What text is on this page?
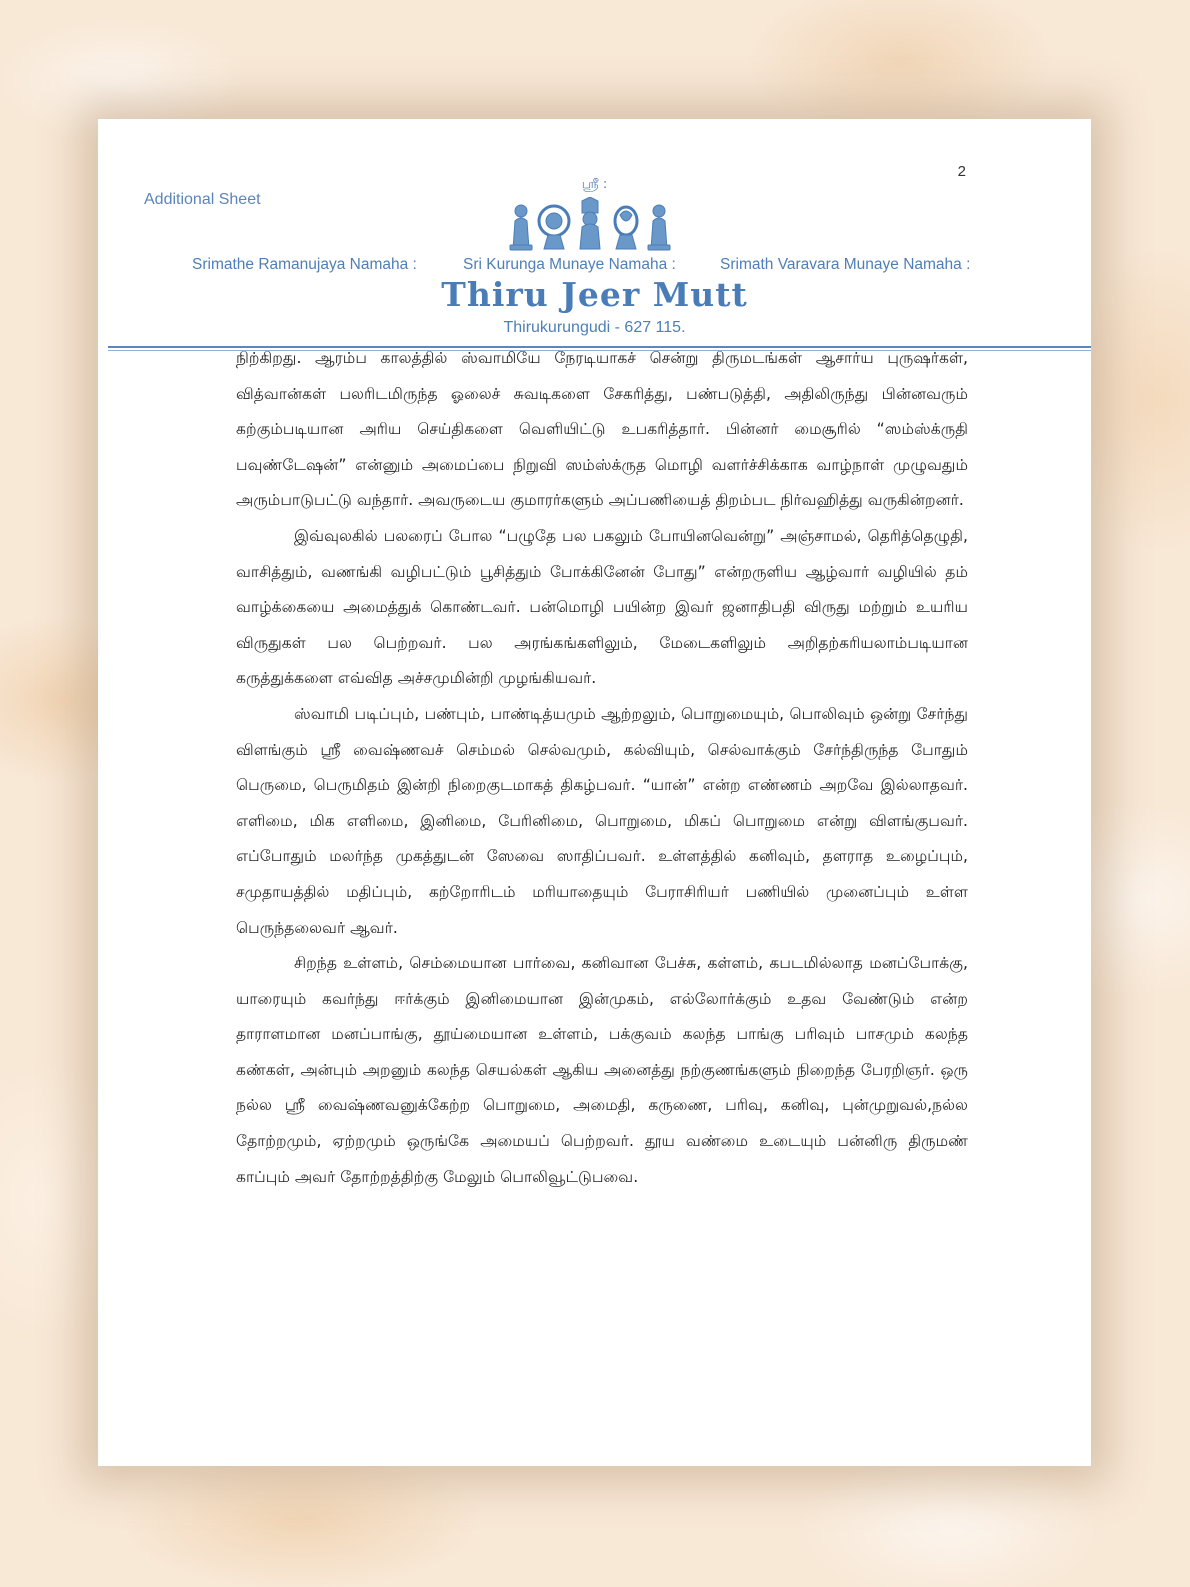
2
Additional Sheet
ஸ்ரீ :
Srimathe Ramanujaya Namaha :	Sri Kurunga Munaye Namaha :	Srimath Varavara Munaye Namaha :
Thiru Jeer Mutt
Thirukurungudi - 627 115.

நிற்கிறது. ஆரம்ப காலத்தில் ஸ்வாமியே நேரடியாகச் சென்று திருமடங்கள் ஆசார்ய புருஷர்கள், வித்வான்கள் பலரிடமிருந்த ஓலைச் சுவடிகளை சேகரித்து, பண்படுத்தி, அதிலிருந்து பின்னவரும் கற்கும்படியான அரிய செய்திகளை வெளியிட்டு உபகரித்தார். பின்னர் மைசூரில் “ஸம்ஸ்க்ருதி பவுண்டேஷன்” என்னும் அமைப்பை நிறுவி ஸம்ஸ்க்ருத மொழி வளர்ச்சிக்காக வாழ்நாள் முழுவதும் அரும்பாடுபட்டு வந்தார். அவருடைய குமாரர்களும் அப்பணியைத் திறம்பட நிர்வஹித்து வருகின்றனர்.

இவ்வுலகில் பலரைப் போல “பழுதே பல பகலும் போயினவென்று” அஞ்சாமல், தெரித்தெழுதி, வாசித்தும், வணங்கி வழிபட்டும் பூசித்தும் போக்கினேன் போது” என்றருளிய ஆழ்வார் வழியில் தம் வாழ்க்கையை அமைத்துக் கொண்டவர். பன்மொழி பயின்ற இவர் ஜனாதிபதி விருது மற்றும் உயரிய விருதுகள் பல பெற்றவர். பல அரங்கங்களிலும், மேடைகளிலும் அறிதற்கரியலாம்படியான கருத்துக்களை எவ்வித அச்சமுமின்றி முழங்கியவர்.

ஸ்வாமி படிப்பும், பண்பும், பாண்டித்யமும் ஆற்றலும், பொறுமையும், பொலிவும் ஒன்று சேர்ந்து விளங்கும் ஸ்ரீ வைஷ்ணவச் செம்மல் செல்வமும், கல்வியும், செல்வாக்கும் சேர்ந்திருந்த போதும் பெருமை, பெருமிதம் இன்றி நிறைகுடமாகத் திகழ்பவர். “யான்” என்ற எண்ணம் அறவே இல்லாதவர். எளிமை, மிக எளிமை, இனிமை, பேரினிமை, பொறுமை, மிகப் பொறுமை என்று விளங்குபவர். எப்போதும் மலர்ந்த முகத்துடன் ஸேவை ஸாதிப்பவர். உள்ளத்தில் கனிவும், தளராத உழைப்பும், சமுதாயத்தில் மதிப்பும், கற்றோரிடம் மரியாதையும் பேராசிரியர் பணியில் முனைப்பும் உள்ள பெருந்தலைவர் ஆவர்.

சிறந்த உள்ளம், செம்மையான பார்வை, கனிவான பேச்சு, கள்ளம், கபடமில்லாத மனப்போக்கு, யாரையும் கவர்ந்து ஈர்க்கும் இனிமையான இன்முகம், எல்லோர்க்கும் உதவ வேண்டும் என்ற தாராளமான மனப்பாங்கு, தூய்மையான உள்ளம், பக்குவம் கலந்த பாங்கு பரிவும் பாசமும் கலந்த கண்கள், அன்பும் அறனும் கலந்த செயல்கள் ஆகிய அனைத்து நற்குணங்களும் நிறைந்த பேரறிஞர். ஒரு நல்ல ஸ்ரீ வைஷ்ணவனுக்கேற்ற பொறுமை, அமைதி, கருணை, பரிவு, கனிவு, புன்முறுவல்,நல்ல தோற்றமும், ஏற்றமும் ஒருங்கே அமையப் பெற்றவர். தூய வண்மை உடையும் பன்னிரு திருமண் காப்பும் அவர் தோற்றத்திற்கு மேலும் பொலிவூட்டுபவை.
